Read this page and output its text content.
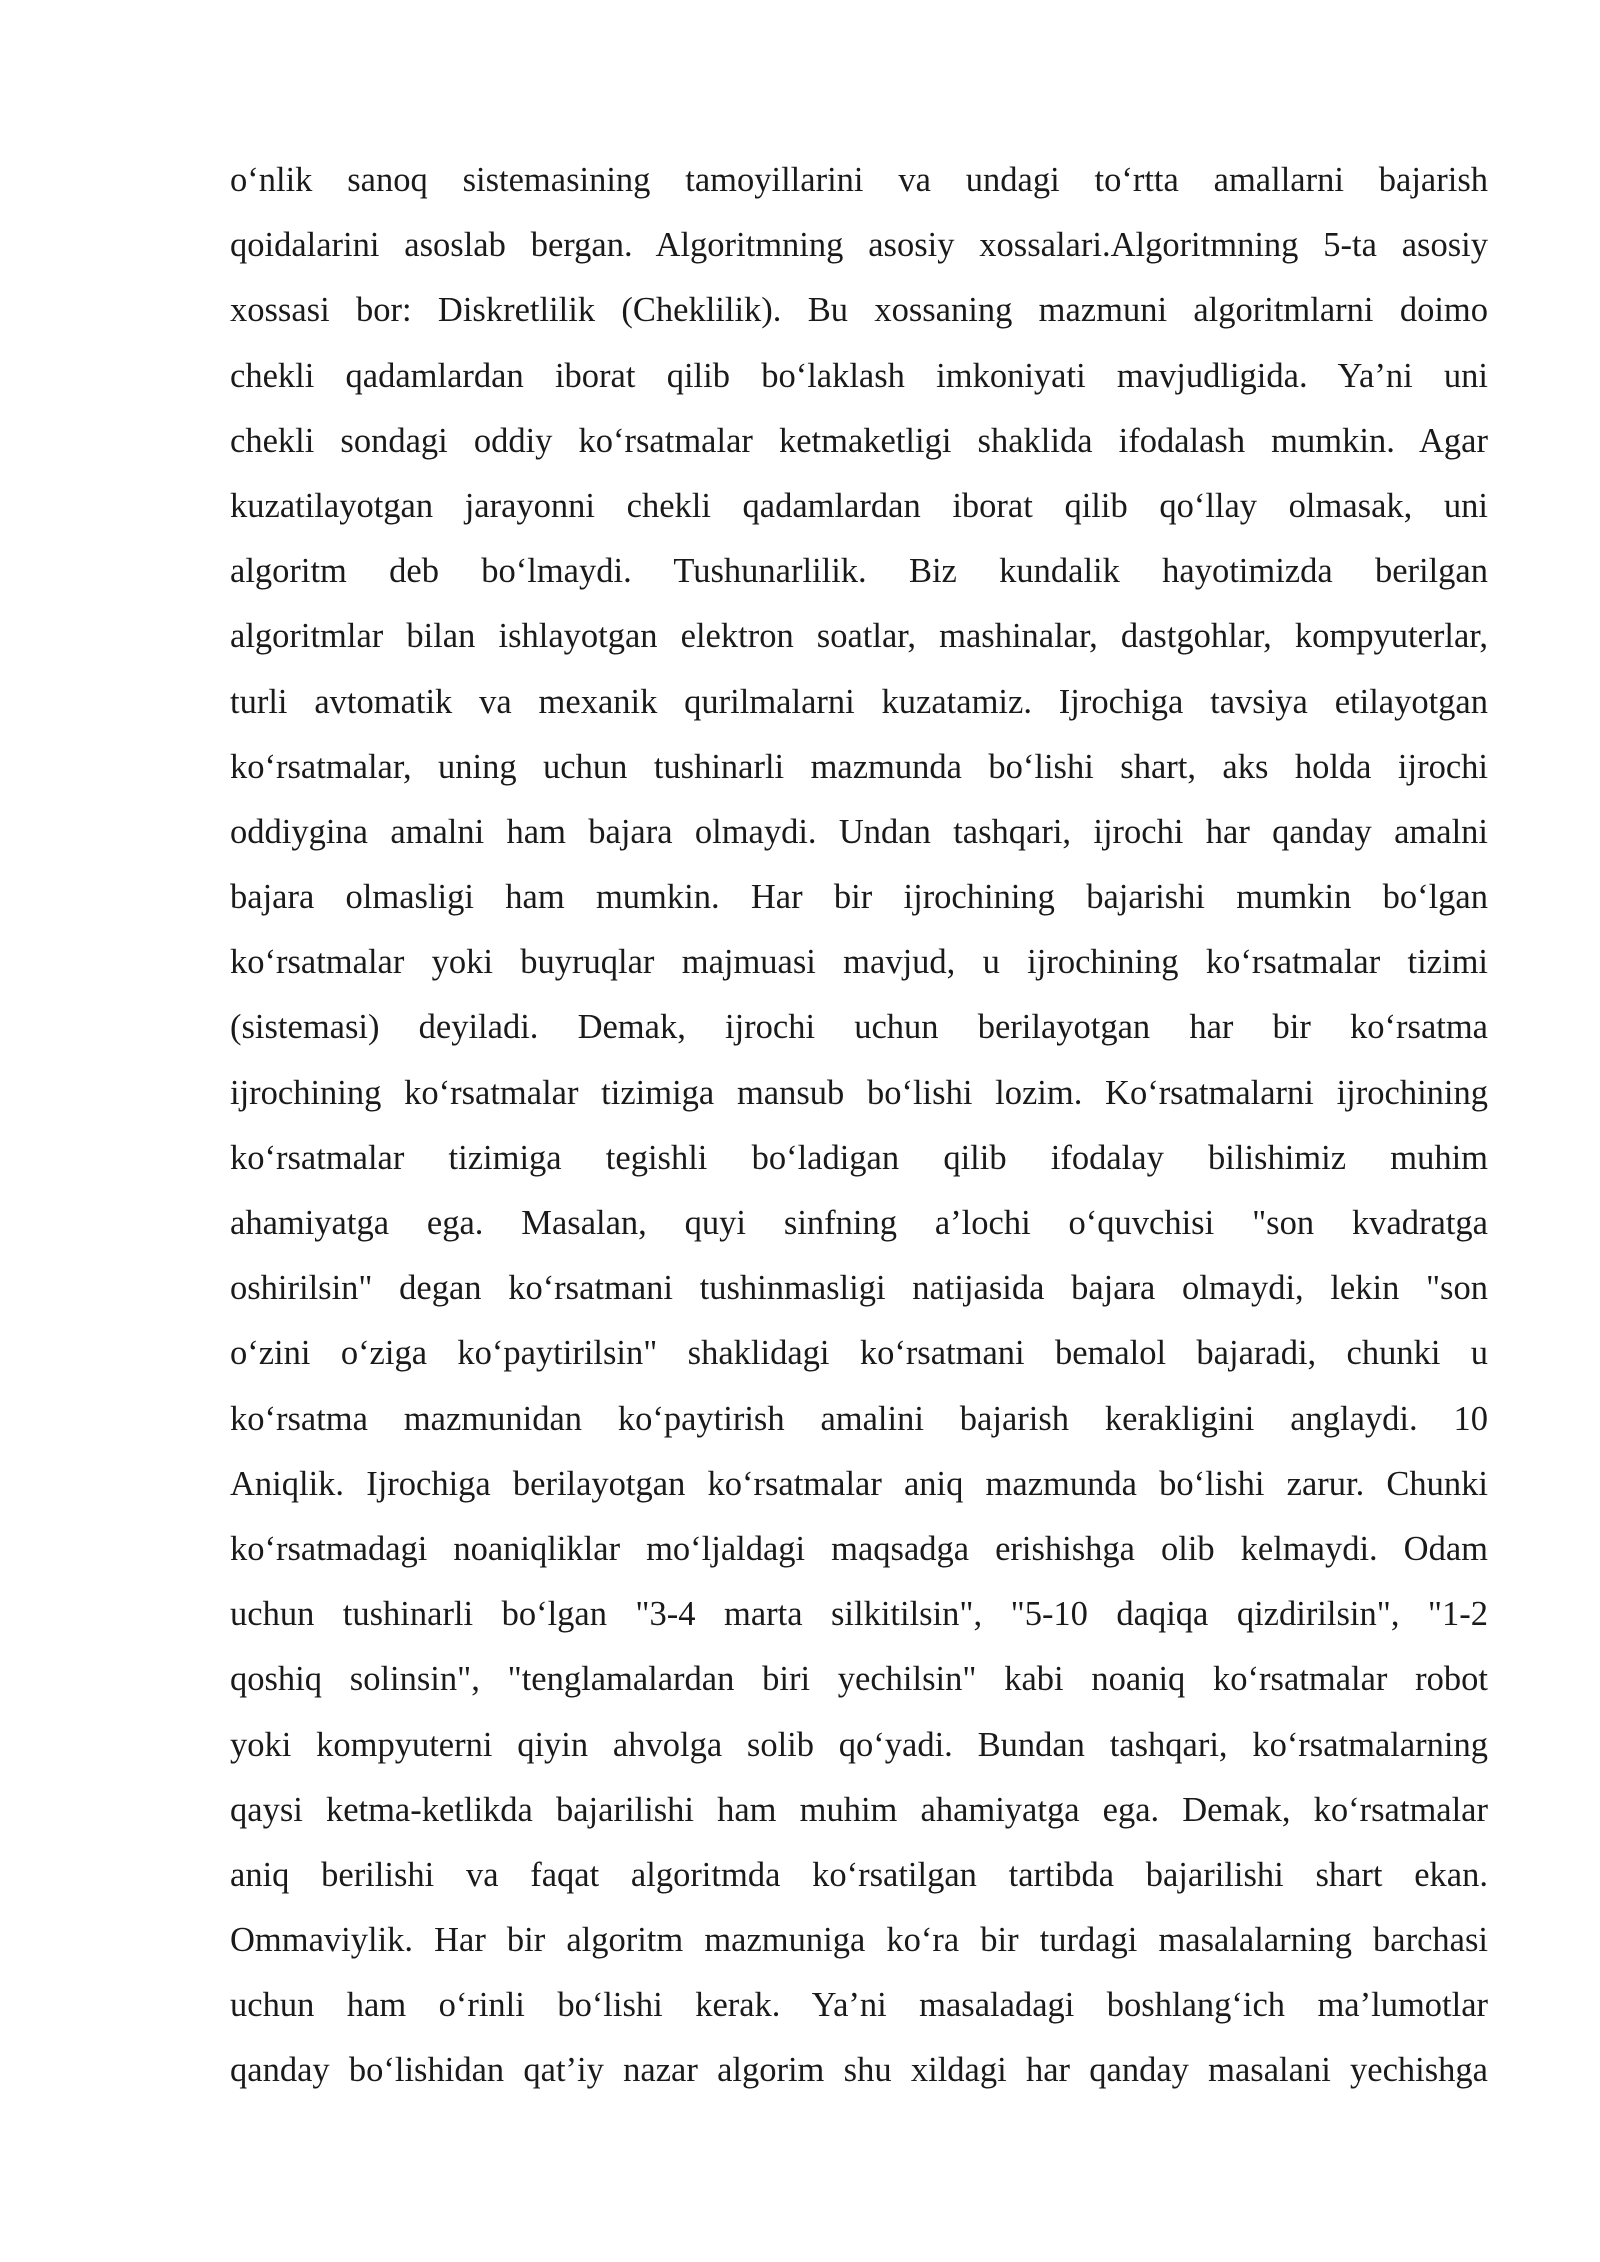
o‘nlik sanoq sistemasining tamoyillarini va undagi to‘rtta amallarni bajarish
qoidalarini asoslab bergan. Algoritmning asosiy xossalari.Algoritmning 5-ta asosiy
xossasi bor: Diskretlilik (Cheklilik). Bu xossaning mazmuni algoritmlarni doimo
chekli qadamlardan iborat qilib bo‘laklash imkoniyati mavjudligida. Ya’ni uni
chekli sondagi oddiy ko‘rsatmalar ketmaketligi shaklida ifodalash mumkin. Agar
kuzatilayotgan jarayonni chekli qadamlardan iborat qilib qo‘llay olmasak, uni
algoritm deb bo‘lmaydi. Tushunarlilik. Biz kundalik hayotimizda berilgan
algoritmlar bilan ishlayotgan elektron soatlar, mashinalar, dastgohlar, kompyuterlar,
turli avtomatik va mexanik qurilmalarni kuzatamiz. Ijrochiga tavsiya etilayotgan
ko‘rsatmalar, uning uchun tushinarli mazmunda bo‘lishi shart, aks holda ijrochi
oddiygina amalni ham bajara olmaydi. Undan tashqari, ijrochi har qanday amalni
bajara olmasligi ham mumkin. Har bir ijrochining bajarishi mumkin bo‘lgan
ko‘rsatmalar yoki buyruqlar majmuasi mavjud, u ijrochining ko‘rsatmalar tizimi
(sistemasi) deyiladi. Demak, ijrochi uchun berilayotgan har bir ko‘rsatma
ijrochining ko‘rsatmalar tizimiga mansub bo‘lishi lozim. Ko‘rsatmalarni ijrochining
ko‘rsatmalar tizimiga tegishli bo‘ladigan qilib ifodalay bilishimiz muhim
ahamiyatga ega. Masalan, quyi sinfning a’lochi o‘quvchisi "son kvadratga
oshirilsin" degan ko‘rsatmani tushinmasligi natijasida bajara olmaydi, lekin "son
o‘zini o‘ziga ko‘paytirilsin" shaklidagi ko‘rsatmani bemalol bajaradi, chunki u
ko‘rsatma mazmunidan ko‘paytirish amalini bajarish kerakligini anglaydi. 10
Aniqlik. Ijrochiga berilayotgan ko‘rsatmalar aniq mazmunda bo‘lishi zarur. Chunki
ko‘rsatmadagi noaniqliklar mo‘ljaldagi maqsadga erishishga olib kelmaydi. Odam
uchun tushinarli bo‘lgan "3-4 marta silkitilsin", "5-10 daqiqa qizdirilsin", "1-2
qoshiq solinsin", "tenglamalardan biri yechilsin" kabi noaniq ko‘rsatmalar robot
yoki kompyuterni qiyin ahvolga solib qo‘yadi. Bundan tashqari, ko‘rsatmalarning
qaysi ketma-ketlikda bajarilishi ham muhim ahamiyatga ega. Demak, ko‘rsatmalar
aniq berilishi va faqat algoritmda ko‘rsatilgan tartibda bajarilishi shart ekan.
Ommaviylik. Har bir algoritm mazmuniga ko‘ra bir turdagi masalalarning barchasi
uchun ham o‘rinli bo‘lishi kerak. Ya’ni masaladagi boshlang‘ich ma’lumotlar
qanday bo‘lishidan qat’iy nazar algorim shu xildagi har qanday masalani yechishga
